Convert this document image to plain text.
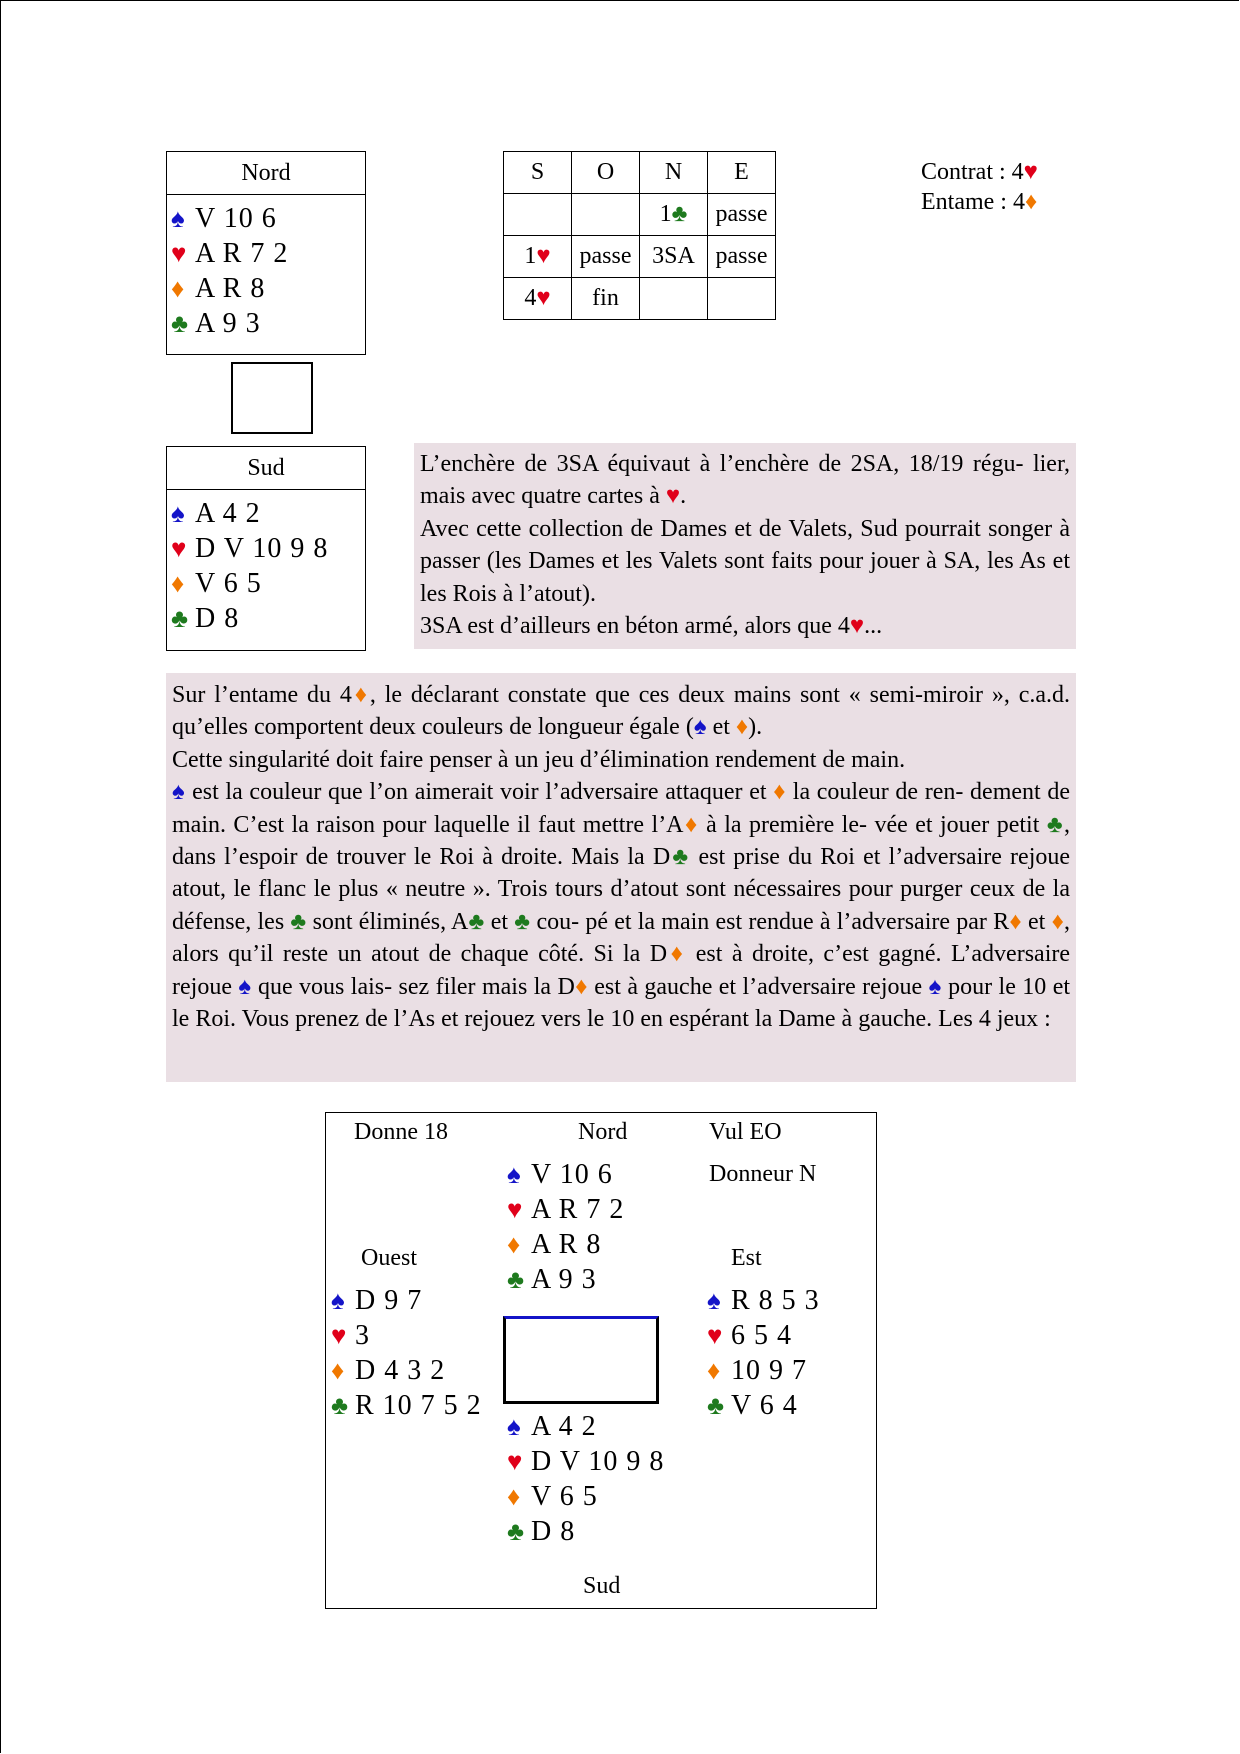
Nord
♠ V 10 6
♥ A R 7 2
♦ A R 8
♣ A 9 3
Sud
♠ A 4 2
♥ D V 10 9 8
♦ V 6 5
♣ D 8
S	O	N	E
		1♣	passe
1♥	passe	3SA	passe
4♥	fin		
Contrat : 4♥
Entame : 4♦

L’enchère de 3SA équivaut à l’enchère de 2SA, 18/19 régu- lier, mais avec quatre cartes à ♥.

Avec cette collection de Dames et de Valets, Sud pourrait songer à passer (les Dames et les Valets sont faits pour jouer à SA, les As et les Rois à l’atout).

3SA est d’ailleurs en béton armé, alors que 4♥...

Sur l’entame du 4♦, le déclarant constate que ces deux mains sont « semi-miroir », c.a.d. qu’elles comportent deux couleurs de longueur égale (♠ et ♦).

Cette singularité doit faire penser à un jeu d’élimination rendement de main.

♠ est la couleur que l’on aimerait voir l’adversaire attaquer et ♦ la couleur de ren- dement de main. C’est la raison pour laquelle il faut mettre l’A♦ à la première le- vée et jouer petit ♣, dans l’espoir de trouver le Roi à droite. Mais la D♣ est prise du Roi et l’adversaire rejoue atout, le flanc le plus « neutre ». Trois tours d’atout sont nécessaires pour purger ceux de la défense, les ♣ sont éliminés, A♣ et ♣ cou- pé et la main est rendue à l’adversaire par R♦ et ♦, alors qu’il reste un atout de chaque côté. Si la D♦ est à droite, c’est gagné. L’adversaire rejoue ♠ que vous lais- sez filer mais la D♦ est à gauche et l’adversaire rejoue ♠ pour le 10 et le Roi. Vous prenez de l’As et rejouez vers le 10 en espérant la Dame à gauche. Les 4 jeux :

Donne 18	Nord	Vul EO
Donneur N
♠ V 10 6
♥ A R 7 2
♦ A R 8
♣ A 9 3
Ouest
♠ D 9 7
♥ 3
♦ D 4 3 2
♣ R 10 7 5 2
Est
♠ R 8 5 3
♥ 6 5 4
♦ 10 9 7
♣ V 6 4
♠ A 4 2
♥ D V 10 9 8
♦ V 6 5
♣ D 8
Sud
